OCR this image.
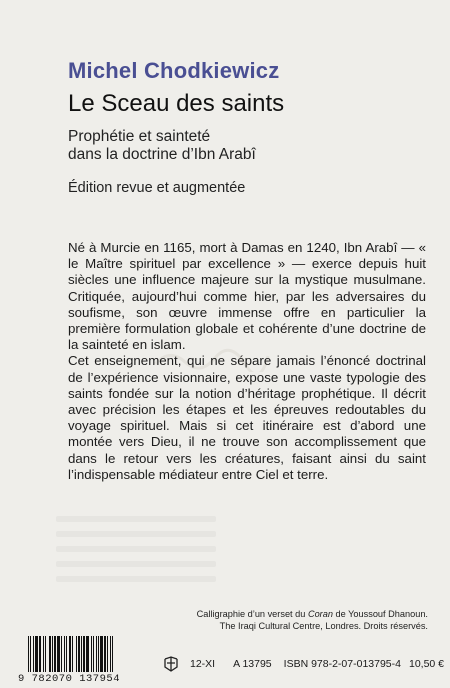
Michel Chodkiewicz
Le Sceau des saints
Prophétie et sainteté
dans la doctrine d’Ibn Arabî
Édition revue et augmentée

Né à Murcie en 1165, mort à Damas en 1240, Ibn Arabî — « le Maître spirituel par excellence » — exerce depuis huit siècles une influence majeure sur la mystique musulmane. Critiquée, aujourd’hui comme hier, par les adversaires du soufisme, son œuvre immense offre en particulier la première formulation globale et cohérente d’une doctrine de la sainteté en islam.

Cet enseignement, qui ne sépare jamais l’énoncé doctrinal de l’expérience visionnaire, expose une vaste typologie des saints fondée sur la notion d’héritage prophétique. Il décrit avec précision les étapes et les épreuves redoutables du voyage spirituel. Mais si cet itinéraire est d’abord une montée vers Dieu, il ne trouve son accomplissement que dans le retour vers les créatures, faisant ainsi du saint l’indispensable médiateur entre Ciel et terre.

Calligraphie d’un verset du Coran de Youssouf Dhanoun.
The Iraqi Cultural Centre, Londres. Droits réservés.
9 782070 137954
12-XI A 13795 ISBN 978-2-07-013795-4 10,50 €
